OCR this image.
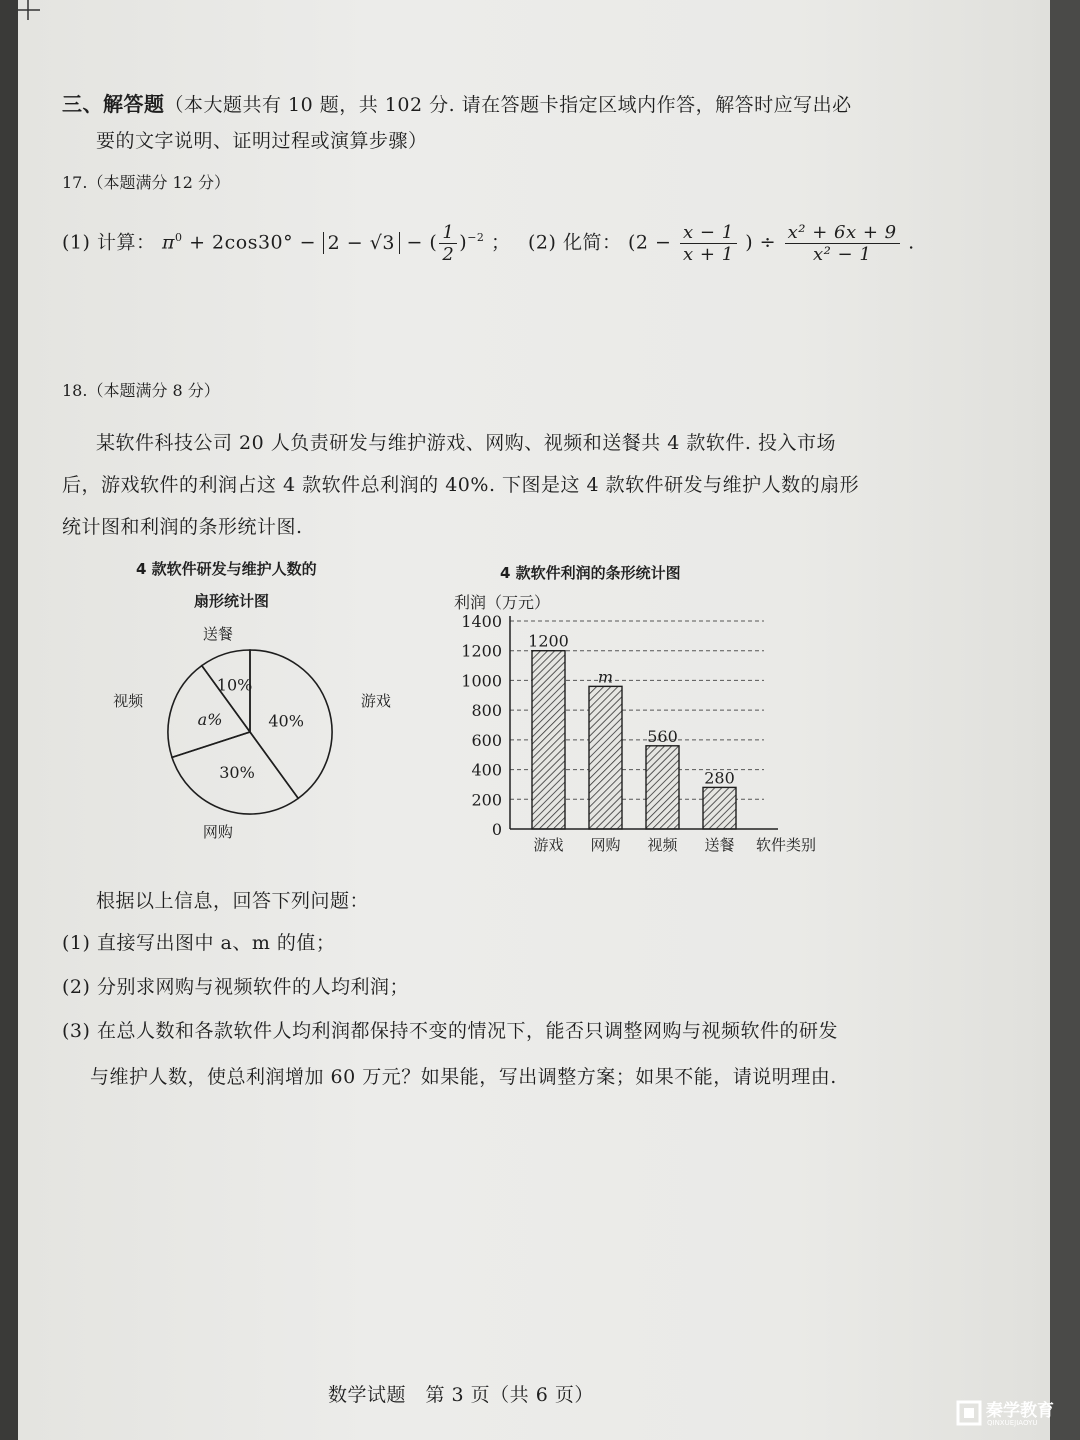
三、解答题（本大题共有 10 题，共 102 分. 请在答题卡指定区域内作答，解答时应写出必
要的文字说明、证明过程或演算步骤）
17.（本题满分 12 分）
(1) 计算： $\pi^0 + 2\cos 30^\circ - 2 - √3$ − ( $\frac{1}{2} )^{-2}$ ； (2) 化简： ($2 - \frac{x - 1}{x + 1}$ ) ÷ $\frac{\text{x² + 6x + 9}}{\text{x² − 1}}$ .
18.（本题满分 8 分）
某软件科技公司 20 人负责研发与维护游戏、网购、视频和送餐共 4 款软件. 投入市场
后，游戏软件的利润占这 4 款软件总利润的 40%. 下图是这 4 款软件研发与维护人数的扇形
统计图和利润的条形统计图.
4 款软件研发与维护人数的
扇形统计图
40%
游戏
30%
网购
a%
视频
10%
送餐
4 款软件利润的条形统计图
利润（万元）
0
200
400
600
800
1000
1200
1400
1200
m
560
280
游戏 网购 视频 送餐 软件类别
根据以上信息，回答下列问题：
(1) 直接写出图中 a、m 的值；
(2) 分别求网购与视频软件的人均利润；
(3) 在总人数和各款软件人均利润都保持不变的情况下，能否只调整网购与视频软件的研发
与维护人数，使总利润增加 60 万元？如果能，写出调整方案；如果不能，请说明理由.
数学试题　第 3 页（共 6 页）
秦学教育
QINXUEJIAOYU
